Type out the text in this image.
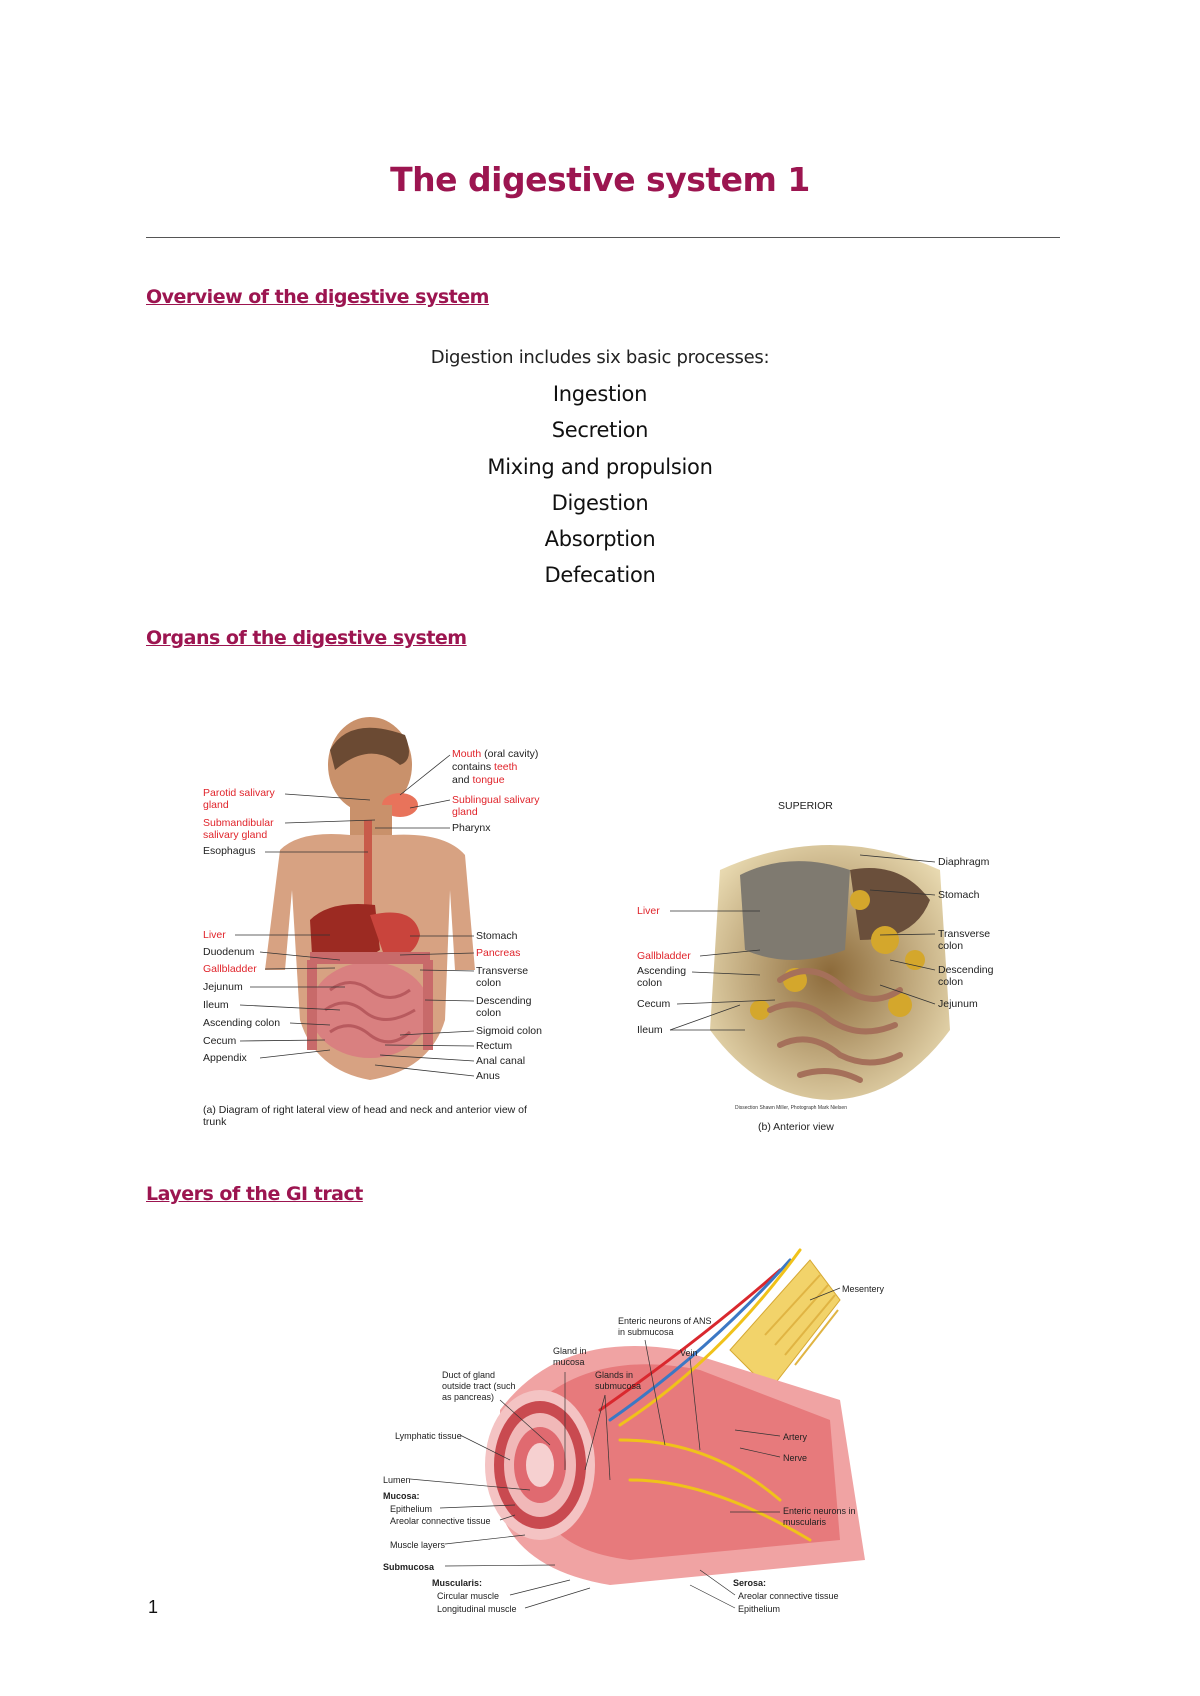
The digestive system 1
Overview of the digestive system
Digestion includes six basic processes:
Ingestion
Secretion
Mixing and propulsion
Digestion
Absorption
Defecation
Organs of the digestive system
Parotid salivary gland
Submandibular salivary gland
Esophagus
Liver
Duodenum
Gallbladder
Jejunum
Ileum
Ascending colon
Cecum
Appendix
Mouth (oral cavity)
contains teeth
and tongue
Sublingual salivary gland
Pharynx
Stomach
Pancreas
Transverse colon
Descending colon
Sigmoid colon
Rectum
Anal canal
Anus
(a) Diagram of right lateral view of head and neck and anterior view of trunk
SUPERIOR
Liver
Gallbladder
Ascending colon
Cecum
Ileum
Diaphragm
Stomach
Transverse colon
Descending colon
Jejunum
Dissection Shawn Miller, Photograph Mark Nielsen
(b) Anterior view
Layers of the GI tract
Mesentery
Enteric neurons of ANS in submucosa
Vein
Gland in mucosa
Glands in submucosa
Duct of gland outside tract (such as pancreas)
Lymphatic tissue	Artery
Nerve
Lumen
Mucosa:
Epithelium
Areolar connective tissue
Muscle layers
Enteric neurons in muscularis
Submucosa
Muscularis:
Circular muscle
Longitudinal muscle
Serosa:
Areolar connective tissue
Epithelium
1
